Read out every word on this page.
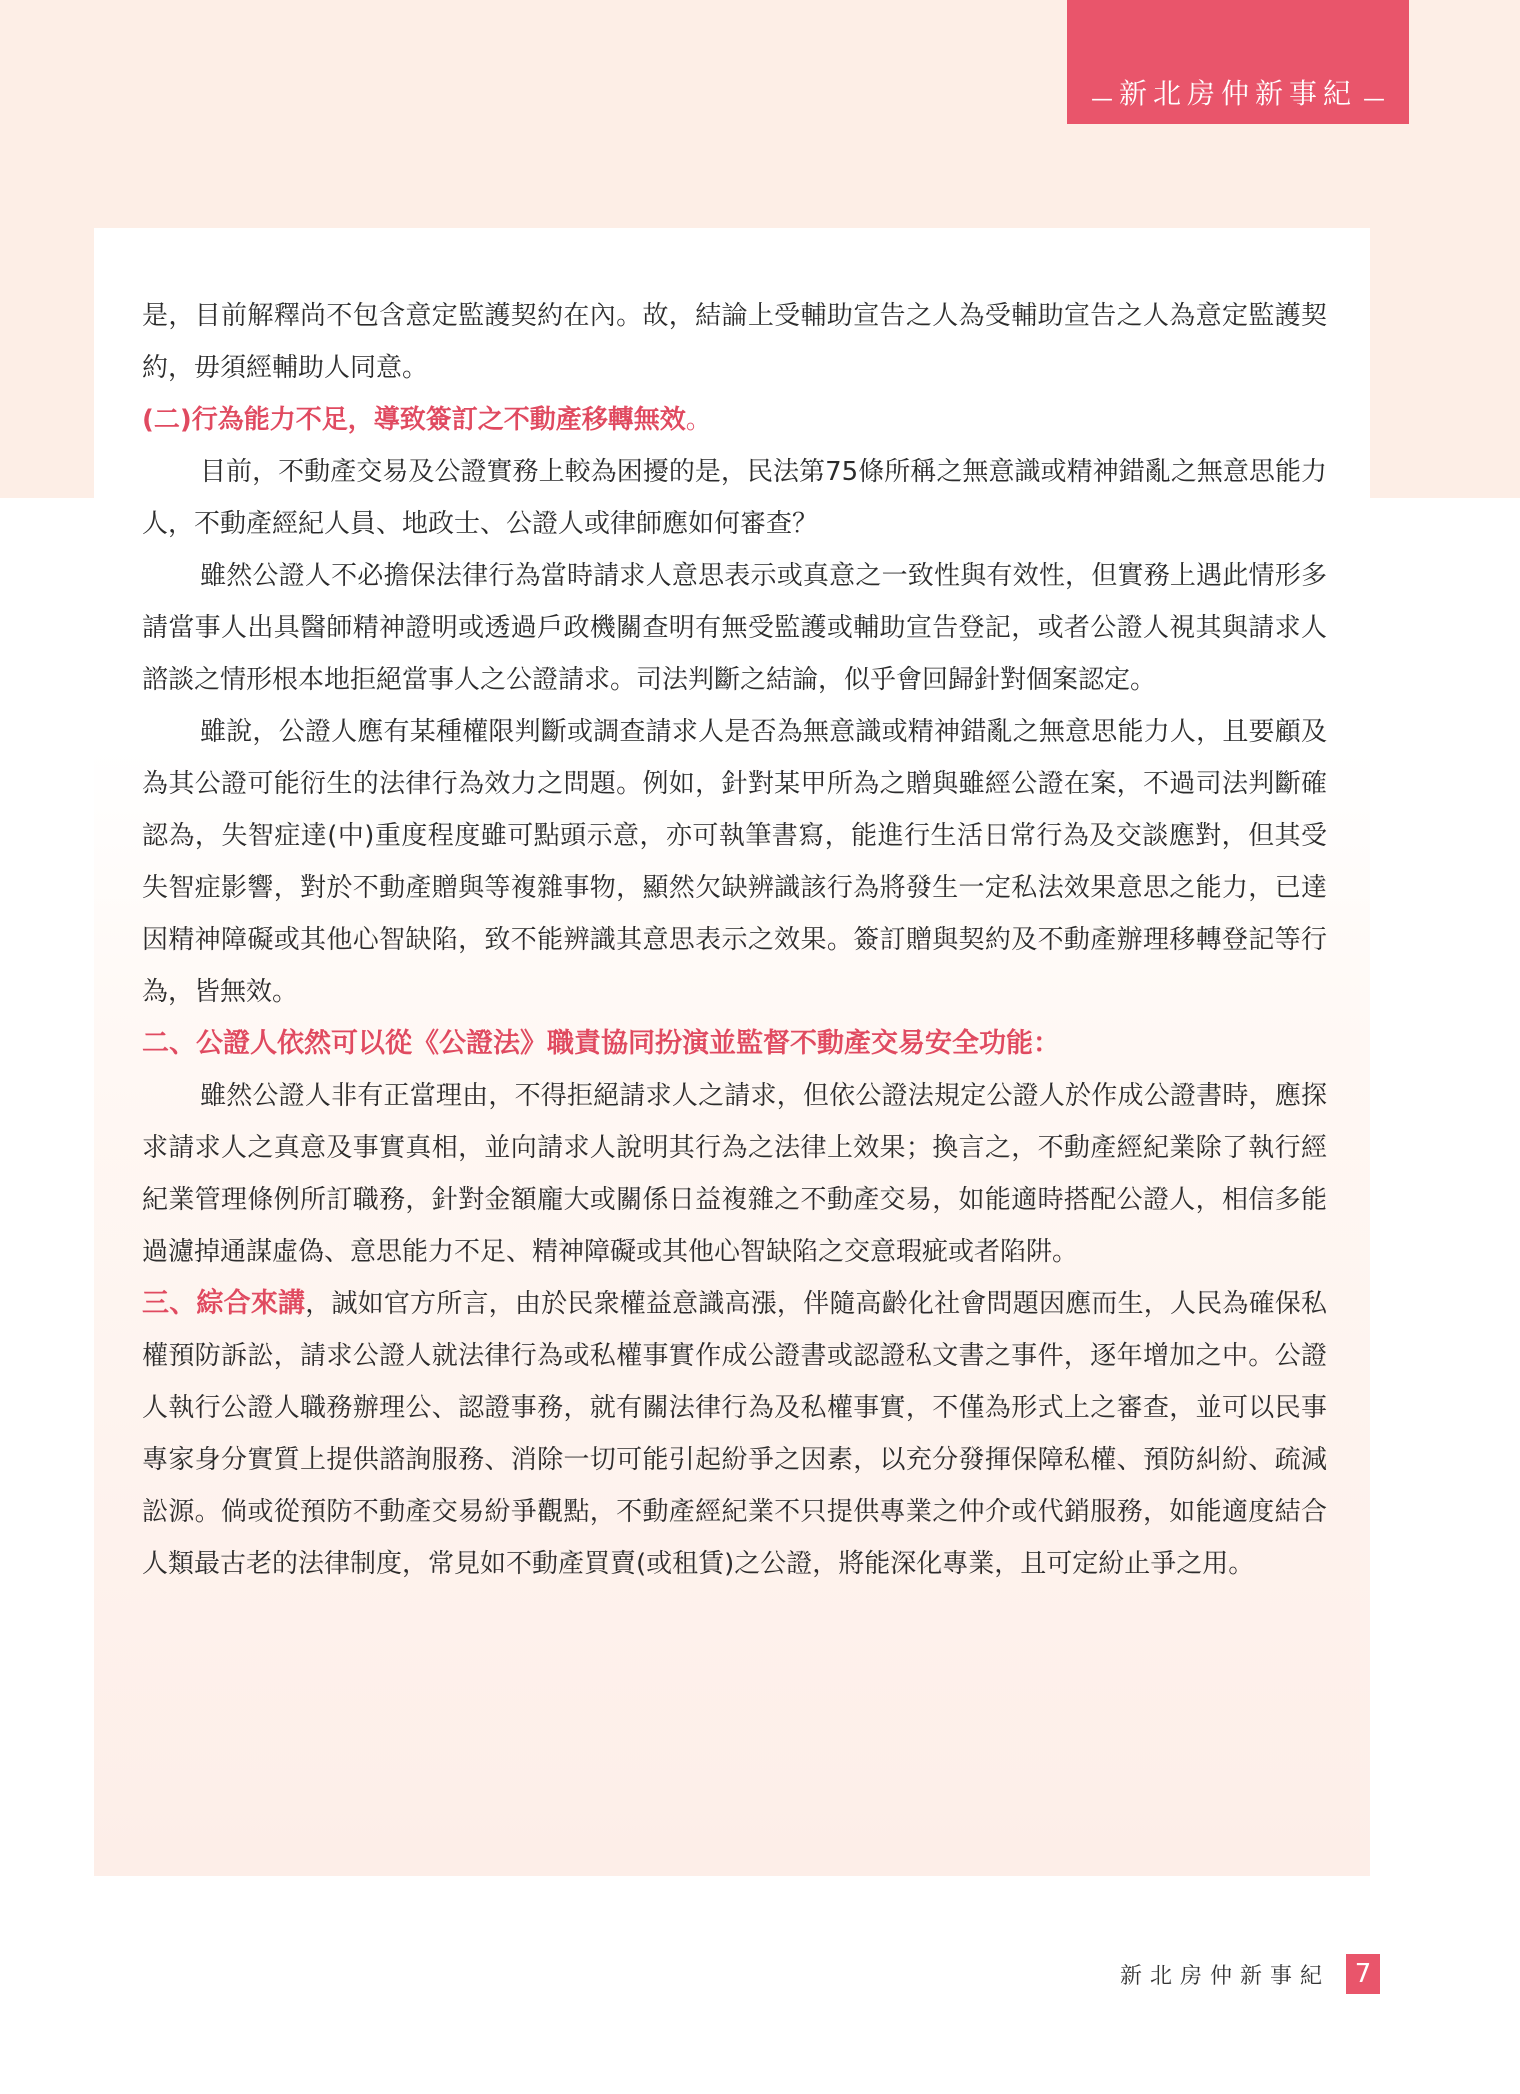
— 新北房仲新事紀 —

是，目前解釋尚不包含意定監護契約在內。故，結論上受輔助宣告之人為受輔助宣告之人為意定監護契約，毋須經輔助人同意。

(二)行為能力不足，導致簽訂之不動產移轉無效。

目前，不動產交易及公證實務上較為困擾的是，民法第75條所稱之無意識或精神錯亂之無意思能力人，不動產經紀人員、地政士、公證人或律師應如何審查？

雖然公證人不必擔保法律行為當時請求人意思表示或真意之一致性與有效性，但實務上遇此情形多請當事人出具醫師精神證明或透過戶政機關查明有無受監護或輔助宣告登記，或者公證人視其與請求人諮談之情形根本地拒絕當事人之公證請求。司法判斷之結論，似乎會回歸針對個案認定。

雖說，公證人應有某種權限判斷或調查請求人是否為無意識或精神錯亂之無意思能力人，且要顧及為其公證可能衍生的法律行為效力之問題。例如，針對某甲所為之贈與雖經公證在案，不過司法判斷確認為，失智症達(中)重度程度雖可點頭示意，亦可執筆書寫，能進行生活日常行為及交談應對，但其受失智症影響，對於不動產贈與等複雜事物，顯然欠缺辨識該行為將發生一定私法效果意思之能力，已達因精神障礙或其他心智缺陷，致不能辨識其意思表示之效果。簽訂贈與契約及不動產辦理移轉登記等行為，皆無效。

二、公證人依然可以從《公證法》職責協同扮演並監督不動產交易安全功能：

雖然公證人非有正當理由，不得拒絕請求人之請求，但依公證法規定公證人於作成公證書時，應探求請求人之真意及事實真相，並向請求人說明其行為之法律上效果；換言之，不動產經紀業除了執行經紀業管理條例所訂職務，針對金額龐大或關係日益複雜之不動產交易，如能適時搭配公證人，相信多能過濾掉通謀虛偽、意思能力不足、精神障礙或其他心智缺陷之交意瑕疵或者陷阱。

三、綜合來講，誠如官方所言，由於民衆權益意識高漲，伴隨高齡化社會問題因應而生，人民為確保私權預防訴訟，請求公證人就法律行為或私權事實作成公證書或認證私文書之事件，逐年增加之中。公證人執行公證人職務辦理公、認證事務，就有關法律行為及私權事實，不僅為形式上之審查，並可以民事專家身分實質上提供諮詢服務、消除一切可能引起紛爭之因素，以充分發揮保障私權、預防糾紛、疏減訟源。倘或從預防不動產交易紛爭觀點，不動產經紀業不只提供專業之仲介或代銷服務，如能適度結合人類最古老的法律制度，常見如不動產買賣(或租賃)之公證，將能深化專業，且可定紛止爭之用。

新北房仲新事紀 7
